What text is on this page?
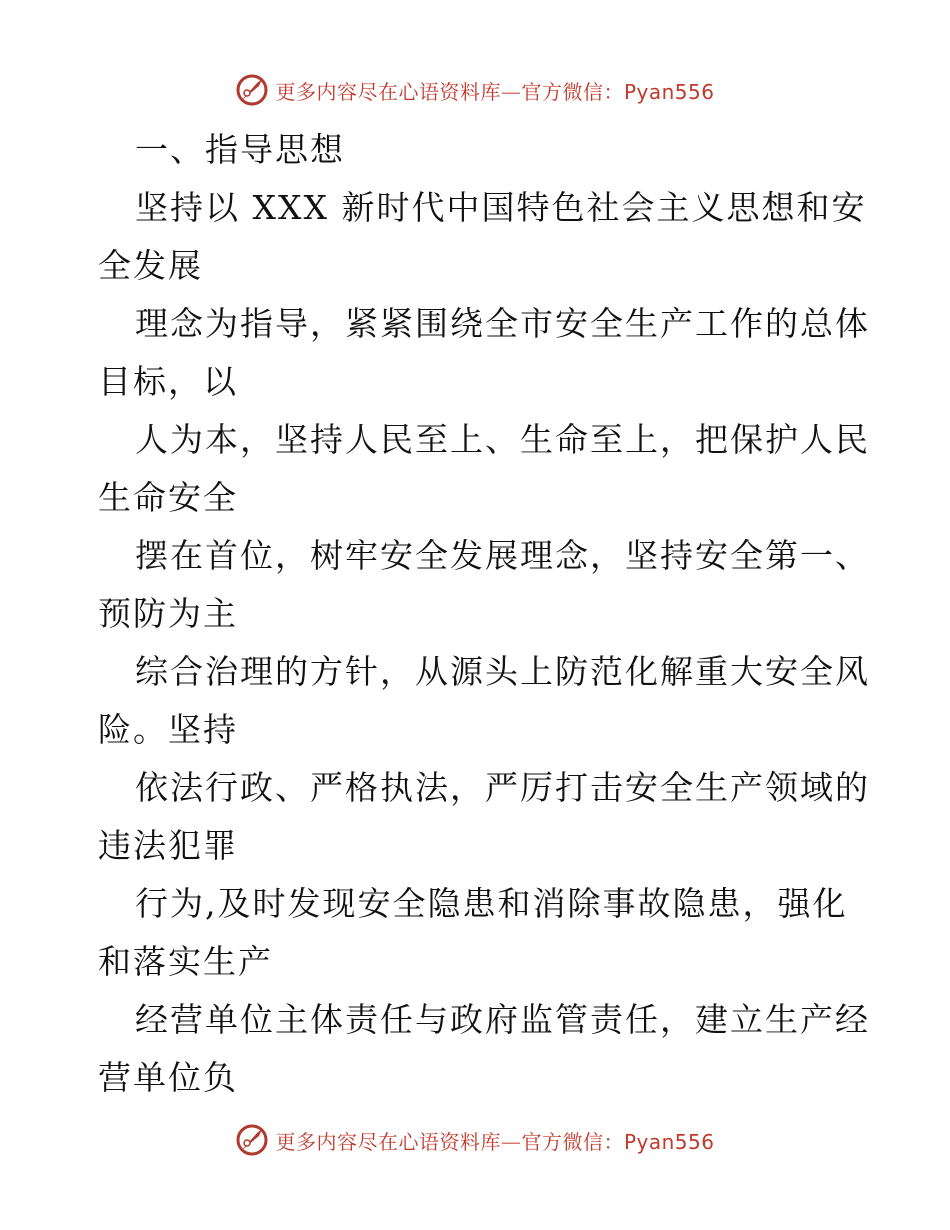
更多内容尽在心语资料库—官方微信：Pyan556
一、指导思想
坚持以 XXX 新时代中国特色社会主义思想和安
全发展
理念为指导，紧紧围绕全市安全生产工作的总体
目标，以
人为本，坚持人民至上、生命至上，把保护人民
生命安全
摆在首位，树牢安全发展理念，坚持安全第一、
预防为主
综合治理的方针，从源头上防范化解重大安全风
险。坚持
依法行政、严格执法，严厉打击安全生产领域的
违法犯罪
行为,及时发现安全隐患和消除事故隐患，强化
和落实生产
经营单位主体责任与政府监管责任，建立生产经
营单位负
更多内容尽在心语资料库—官方微信：Pyan556
